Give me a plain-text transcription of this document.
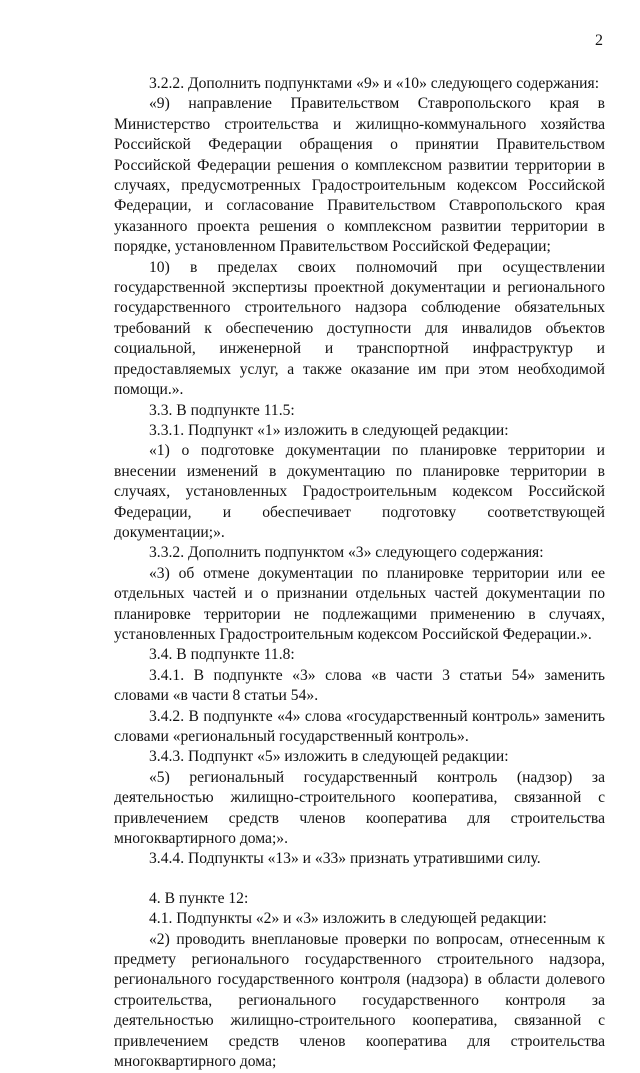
2

3.2.2. Дополнить подпунктами «9» и «10» следующего содержания:

«9) направление Правительством Ставропольского края в Министерство строительства и жилищно-коммунального хозяйства Российской Федерации обращения о принятии Правительством Российской Федерации решения о комплексном развитии территории в случаях, предусмотренных Градостроительным кодексом Российской Федерации, и согласование Правительством Ставропольского края указанного проекта решения о комплексном развитии территории в порядке, установленном Правительством Российской Федерации;

10) в пределах своих полномочий при осуществлении государственной экспертизы проектной документации и регионального государственного строительного надзора соблюдение обязательных требований к обеспечению доступности для инвалидов объектов социальной, инженерной и транспортной инфраструктур и предоставляемых услуг, а также оказание им при этом необходимой помощи.».

3.3. В подпункте 11.5:

3.3.1. Подпункт «1» изложить в следующей редакции:

«1) о подготовке документации по планировке территории и внесении изменений в документацию по планировке территории в случаях, установленных Градостроительным кодексом Российской Федерации, и обеспечивает подготовку соответствующей документации;».

3.3.2. Дополнить подпунктом «3» следующего содержания:

«3) об отмене документации по планировке территории или ее отдельных частей и о признании отдельных частей документации по планировке территории не подлежащими применению в случаях, установленных Градостроительным кодексом Российской Федерации.».

3.4. В подпункте 11.8:

3.4.1. В подпункте «3» слова «в части 3 статьи 54» заменить словами «в части 8 статьи 54».

3.4.2. В подпункте «4» слова «государственный контроль» заменить словами «региональный государственный контроль».

3.4.3. Подпункт «5» изложить в следующей редакции:

«5) региональный государственный контроль (надзор) за деятельностью жилищно-строительного кооператива, связанной с привлечением средств членов кооператива для строительства многоквартирного дома;».

3.4.4. Подпункты «13» и «33» признать утратившими силу.

4. В пункте 12:

4.1. Подпункты «2» и «3» изложить в следующей редакции:

«2) проводить внеплановые проверки по вопросам, отнесенным к предмету регионального государственного строительного надзора, регионального государственного контроля (надзора) в области долевого строительства, регионального государственного контроля за деятельностью жилищно-строительного кооператива, связанной с привлечением средств членов кооператива для строительства многоквартирного дома;
